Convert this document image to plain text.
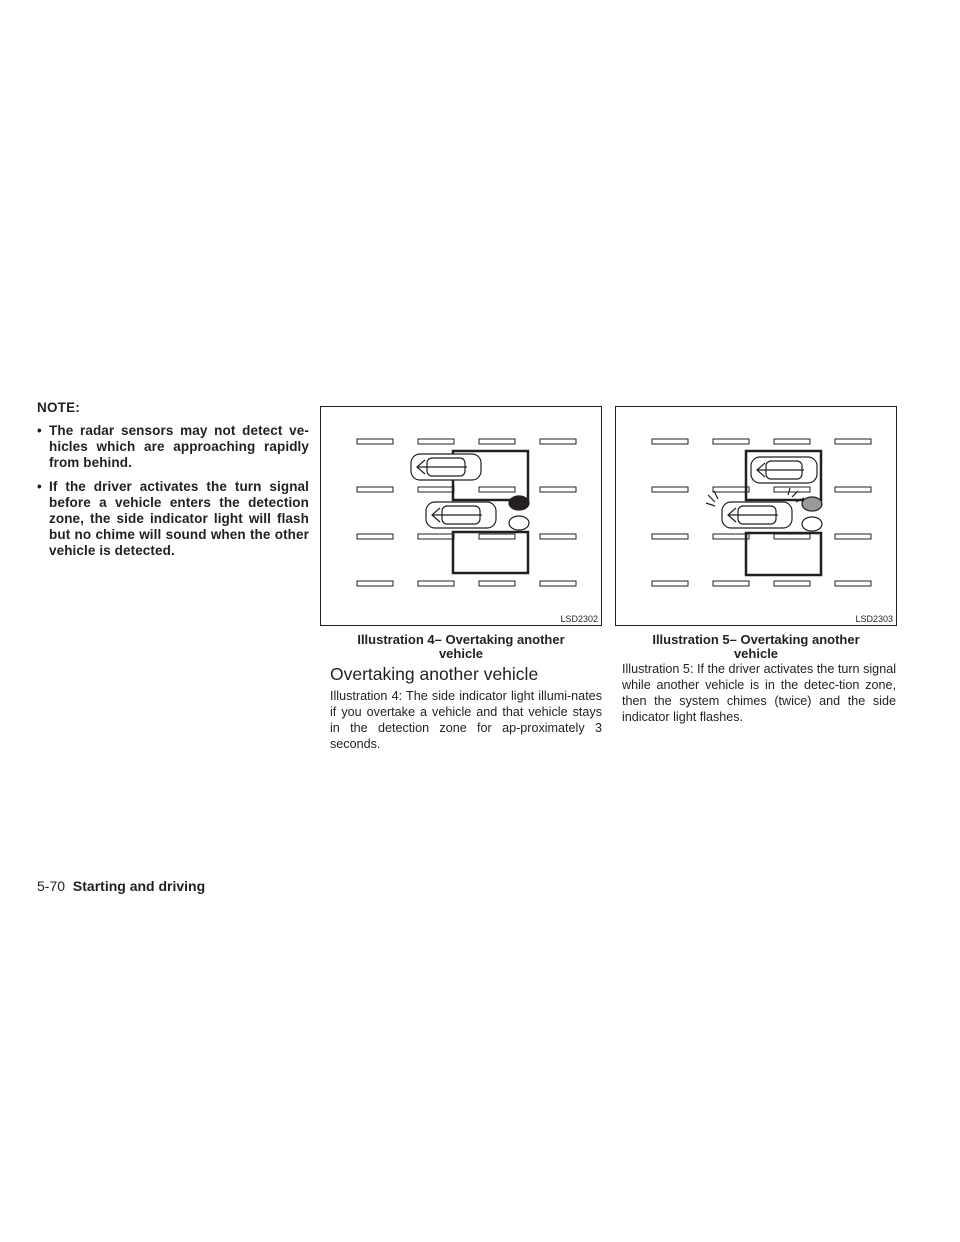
NOTE:
• The radar sensors may not detect ve-hicles which are approaching rapidly from behind.
• If the driver activates the turn signal before a vehicle enters the detection zone, the side indicator light will flash but no chime will sound when the other vehicle is detected.
LSD2302
Illustration 4– Overtaking another
vehicle
LSD2303
Illustration 5– Overtaking another
vehicle
Overtaking another vehicle
Illustration 4: The side indicator light illumi-nates if you overtake a vehicle and that vehicle stays in the detection zone for ap-proximately 3 seconds.
Illustration 5: If the driver activates the turn signal while another vehicle is in the detec-tion zone, then the system chimes (twice) and the side indicator light flashes.
5-70 Starting and driving
